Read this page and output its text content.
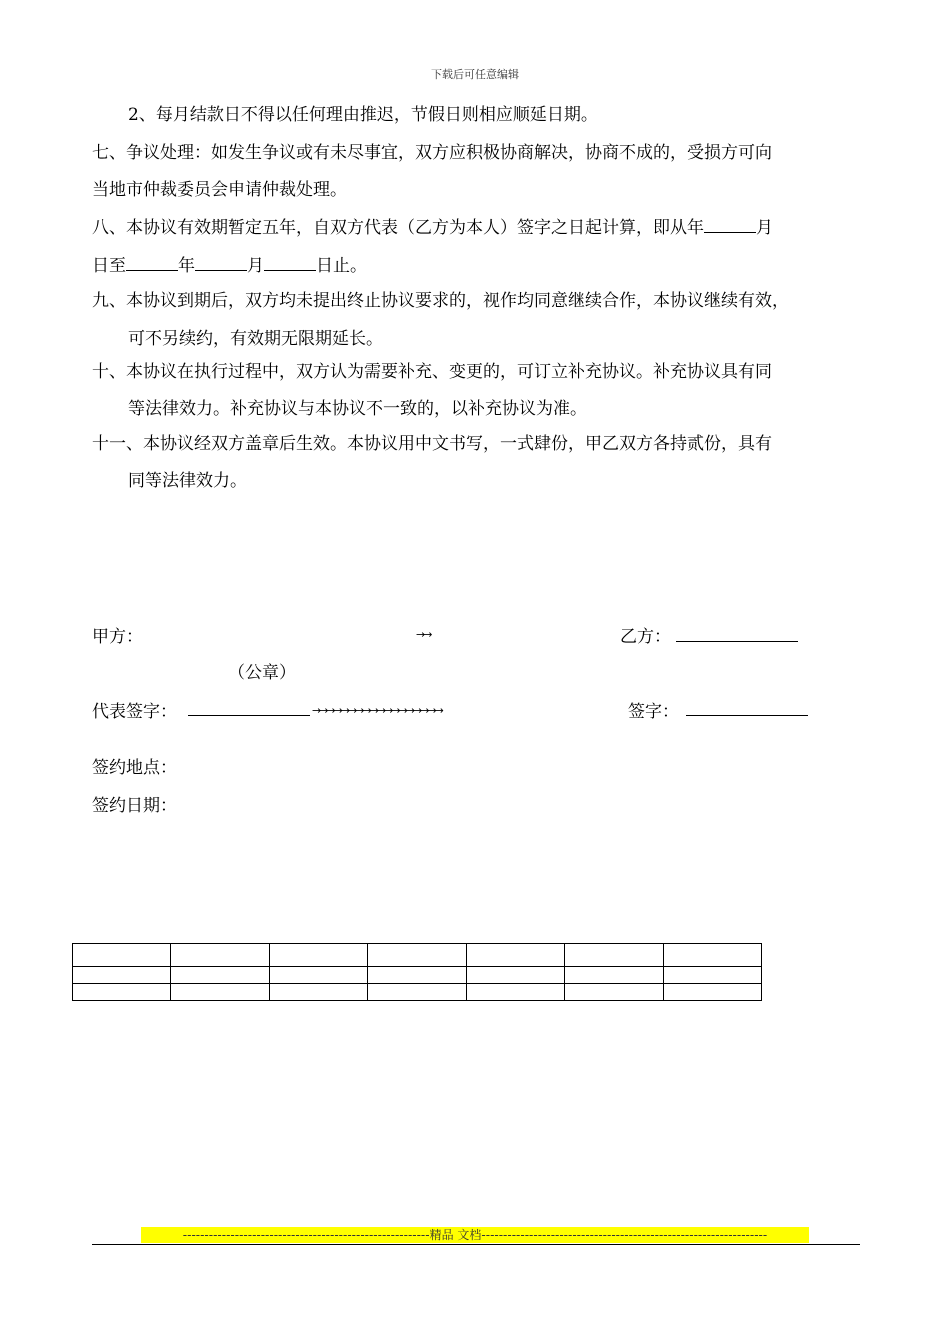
下载后可任意编辑
2、每月结款日不得以任何理由推迟，节假日则相应顺延日期。
七、争议处理：如发生争议或有未尽事宜，双方应积极协商解决，协商不成的，受损方可向
当地市仲裁委员会申请仲裁处理。
八、本协议有效期暂定五年，自双方代表（乙方为本人）签字之日起计算，即从年	月
日至	年	月	日止。
九、本协议到期后，双方均未提出终止协议要求的，视作均同意继续合作，本协议继续有效，
可不另续约，有效期无限期延长。
十、本协议在执行过程中，双方认为需要补充、变更的，可订立补充协议。补充协议具有同
等法律效力。补充协议与本协议不一致的，以补充协议为准。
十一、本协议经双方盖章后生效。本协议用中文书写，一式肆份，甲乙双方各持贰份，具有
同等法律效力。
甲方：	→→	乙方：
（公章）
代表签字：	→→→→→→→→→→→→→→→→→→	签字：
签约地点：
签约日期：

---------------------------------------------------------精品 文档------------------------------------------------------------------
